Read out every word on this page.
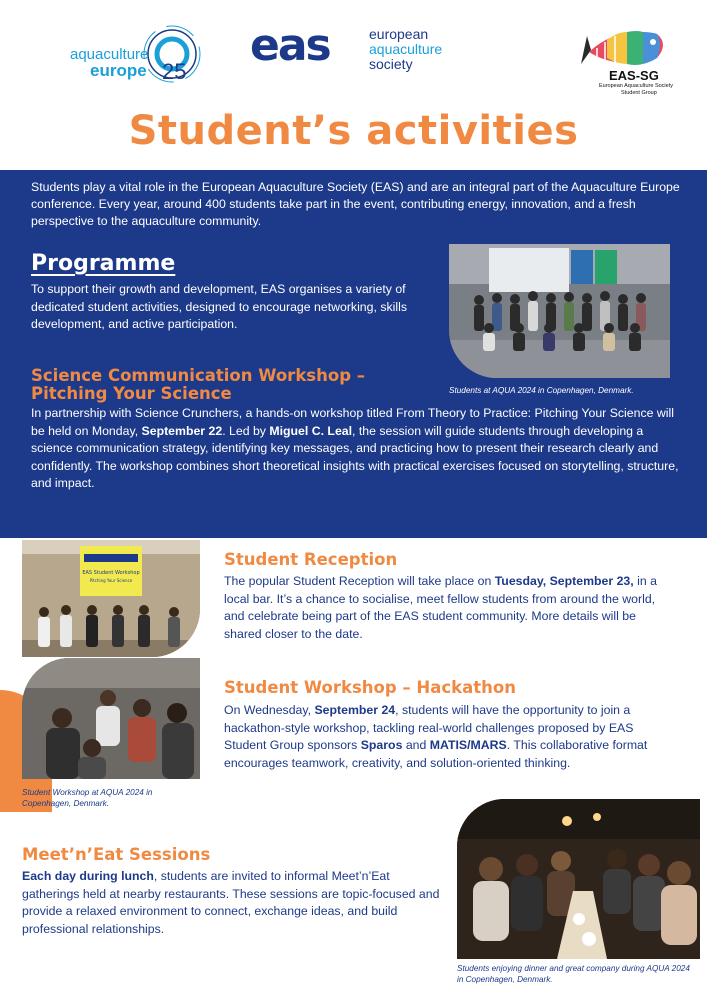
aquaculture
europe 25
eas	european
aquaculture
society
EAS-SG
European Aquaculture Society
Student Group
Student’s activities
Students play a vital role in the European Aquaculture Society (EAS) and are an integral part of the Aquaculture Europe conference. Every year, around 400 students take part in the event, contributing energy, innovation, and a fresh perspective to the aquaculture community.
Programme
To support their growth and development, EAS organises a variety of dedicated student activities, designed to encourage networking, skills development, and active participation.
Students at AQUA 2024 in Copenhagen, Denmark.
Science Communication Workshop –
Pitching Your Science
In partnership with Science Crunchers, a hands-on workshop titled From Theory to Practice: Pitching Your Science will be held on Monday, September 22. Led by Miguel C. Leal, the session will guide students through developing a science communication strategy, identifying key messages, and practicing how to present their research clearly and confidently. The workshop combines short theoretical insights with practical exercises focused on storytelling, structure, and impact.
EAS Student Workshop
Pitching Your Science
Student Workshop at AQUA 2024 in Copenhagen, Denmark.
Student Reception
The popular Student Reception will take place on Tuesday, September 23, in a local bar. It’s a chance to socialise, meet fellow students from around the world, and celebrate being part of the EAS student community. More details will be shared closer to the date.
Student Workshop – Hackathon
On Wednesday, September 24, students will have the opportunity to join a hackathon-style workshop, tackling real-world challenges proposed by EAS Student Group sponsors Sparos and MATIS/MARS. This collaborative format encourages teamwork, creativity, and solution-oriented thinking.
Meet’n’Eat Sessions
Each day during lunch, students are invited to informal Meet’n’Eat gatherings held at nearby restaurants. These sessions are topic-focused and provide a relaxed environment to connect, exchange ideas, and build professional relationships.
Students enjoying dinner and great company during AQUA 2024 in Copenhagen, Denmark.
